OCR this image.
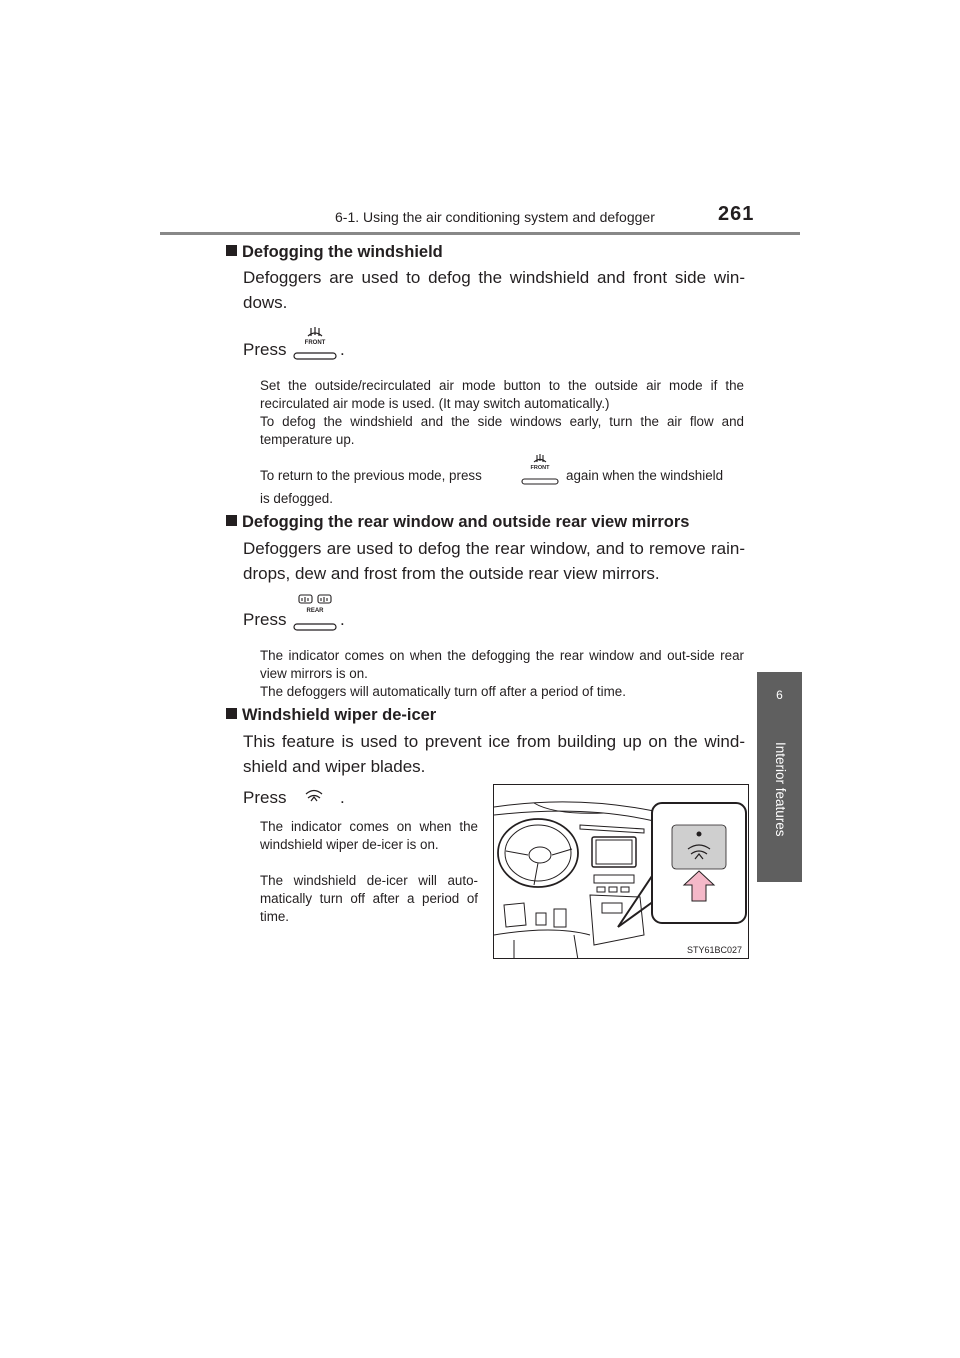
6-1. Using the air conditioning system and defogger	261
6
Interior features
Defogging the windshield
Defoggers are used to defog the windshield and front side win-dows.
Press	FRONT .
Set the outside/recirculated air mode button to the outside air mode if the recirculated air mode is used. (It may switch automatically.)
To defog the windshield and the side windows early, turn the air flow and temperature up.
To return to the previous mode, press	FRONT again when the windshield
is defogged.
Defogging the rear window and outside rear view mirrors
Defoggers are used to defog the rear window, and to remove rain-drops, dew and frost from the outside rear view mirrors.
Press	REAR .
The indicator comes on when the defogging the rear window and out-side rear view mirrors is on.
The defoggers will automatically turn off after a period of time.
Windshield wiper de-icer
This feature is used to prevent ice from building up on the wind-shield and wiper blades.
Press	.
The indicator comes on when the windshield wiper de-icer is on.
The windshield de-icer will auto-matically turn off after a period of time.
STY61BC027
